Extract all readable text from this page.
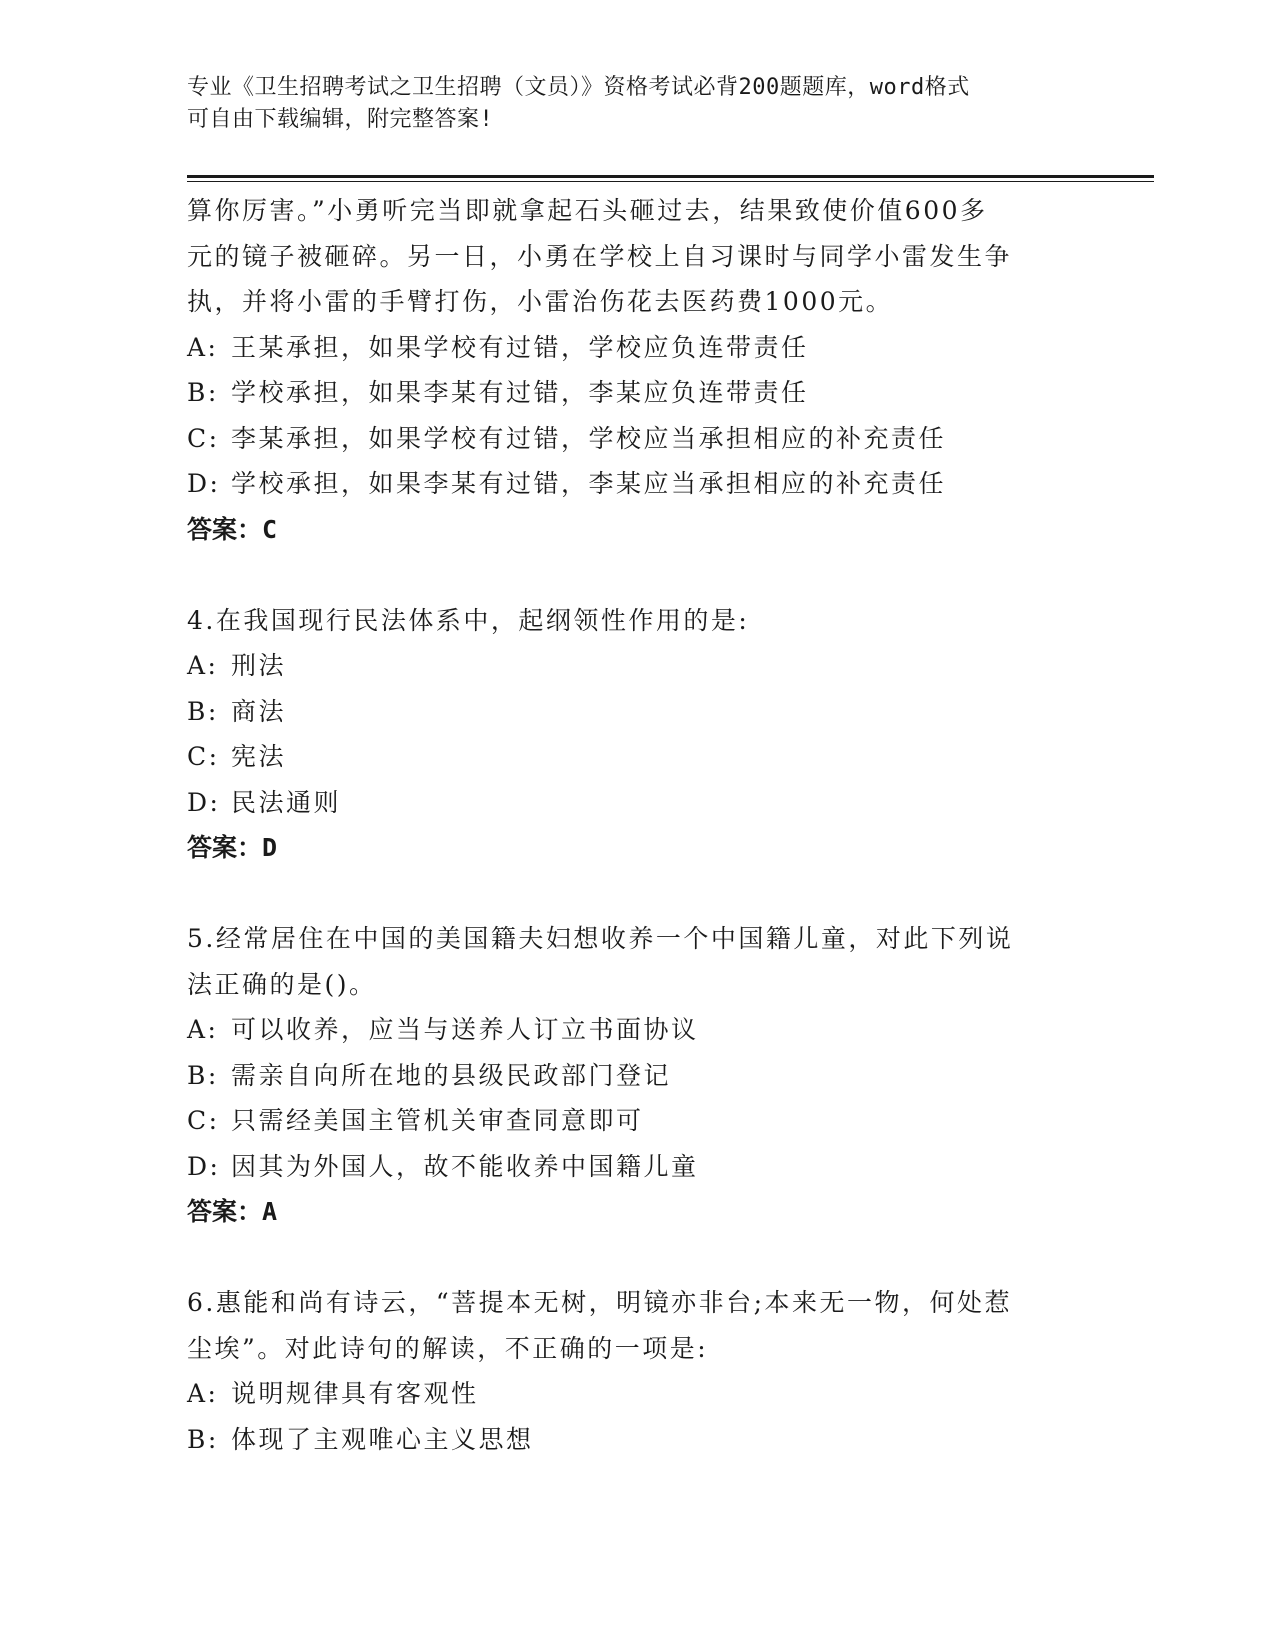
专业《卫生招聘考试之卫生招聘（文员）》资格考试必背200题题库，word格式
可自由下载编辑，附完整答案!
算你厉害。”小勇听完当即就拿起石头砸过去，结果致使价值600多
元的镜子被砸碎。另一日，小勇在学校上自习课时与同学小雷发生争
执，并将小雷的手臂打伤，小雷治伤花去医药费1000元。
A: 王某承担，如果学校有过错，学校应负连带责任
B: 学校承担，如果李某有过错，李某应负连带责任
C: 李某承担，如果学校有过错，学校应当承担相应的补充责任
D: 学校承担，如果李某有过错，李某应当承担相应的补充责任
答案：C
4.在我国现行民法体系中，起纲领性作用的是:
A: 刑法
B: 商法
C: 宪法
D: 民法通则
答案：D
5.经常居住在中国的美国籍夫妇想收养一个中国籍儿童，对此下列说
法正确的是()。
A: 可以收养，应当与送养人订立书面协议
B: 需亲自向所在地的县级民政部门登记
C: 只需经美国主管机关审查同意即可
D: 因其为外国人，故不能收养中国籍儿童
答案：A
6.惠能和尚有诗云，“菩提本无树，明镜亦非台;本来无一物，何处惹
尘埃”。对此诗句的解读，不正确的一项是:
A: 说明规律具有客观性
B: 体现了主观唯心主义思想
